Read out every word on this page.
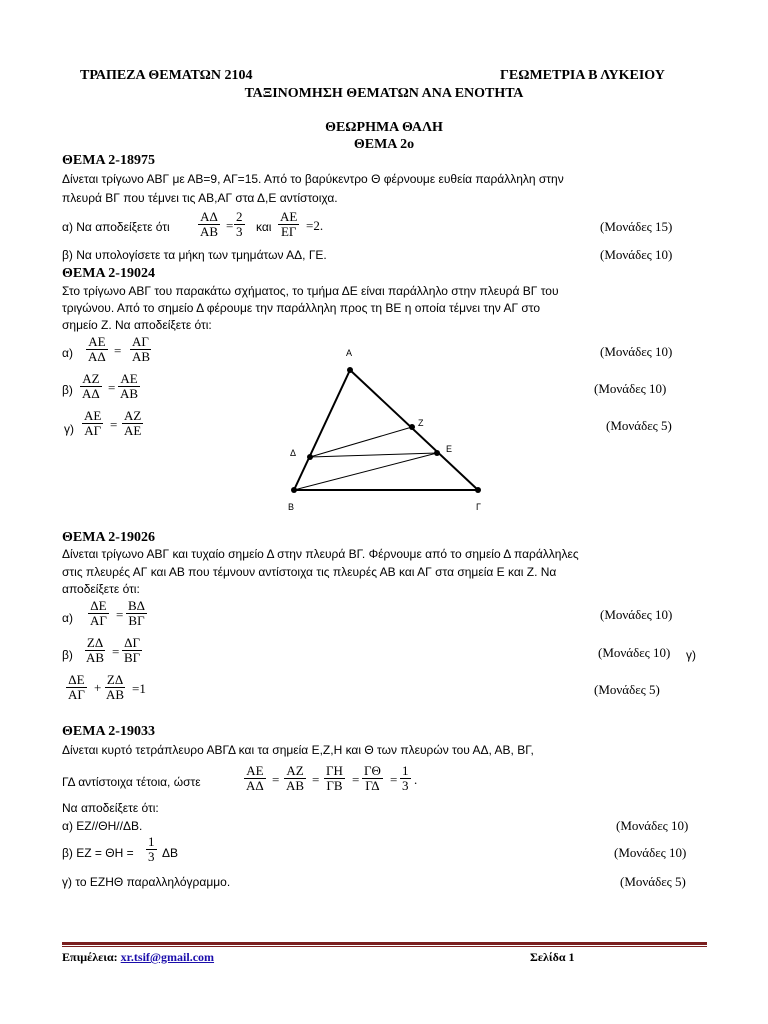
ΤΡΑΠΕΖΑ ΘΕΜΑΤΩΝ 2104	ΓΕΩΜΕΤΡΙΑ Β ΛΥΚΕΙΟΥ
ΤΑΞΙΝΟΜΗΣΗ ΘΕΜΑΤΩΝ ΑΝΑ ΕΝΟΤΗΤΑ
ΘΕΩΡΗΜΑ ΘΑΛΗ
ΘΕΜΑ 2ο
ΘΕΜΑ 2-18975
Δίνεται τρίγωνο ΑΒΓ με ΑΒ=9, ΑΓ=15. Από το βαρύκεντρο Θ φέρνουμε ευθεία παράλληλη στην
πλευρά ΒΓ που τέμνει τις ΑΒ,ΑΓ στα Δ,Ε αντίστοιχα.
α) Να αποδείξετε ότι $\frac{A\Delta}{AB} = \frac{2}{3}$ και $\frac{AE}{E\Gamma} =2$.	(Μονάδες 15)
β) Να υπολογίσετε τα μήκη των τμημάτων ΑΔ, ΓΕ.	(Μονάδες 10)
ΘΕΜΑ 2-19024
Στο τρίγωνο ΑΒΓ του παρακάτω σχήματος, το τμήμα ΔΕ είναι παράλληλο στην πλευρά ΒΓ του
τριγώνου. Από το σημείο Δ φέρουμε την παράλληλη προς τη ΒΕ η οποία τέμνει την ΑΓ στο
σημείο Ζ. Να αποδείξετε ότι:
$\alpha) \frac{AE}{A\Delta} = \frac{A\Gamma}{AB}$	(Μονάδες 10)
$\beta) \frac{AZ}{A\Delta} = \frac{AE}{AB}$	(Μονάδες 10)
$\gamma) \frac{AE}{A\Gamma} = \frac{AZ}{AE}$	(Μονάδες 5)
Α
Β	Γ
Δ	Ε
Ζ
ΘΕΜΑ 2-19026
Δίνεται τρίγωνο ΑΒΓ και τυχαίο σημείο Δ στην πλευρά ΒΓ. Φέρνουμε από το σημείο Δ παράλληλες
στις πλευρές ΑΓ και ΑΒ που τέμνουν αντίστοιχα τις πλευρές ΑΒ και ΑΓ στα σημεία Ε και Ζ. Να
αποδείξετε ότι:
$\alpha) \frac{\Delta E}{A\Gamma} = \frac{B\Delta}{B\Gamma}$	(Μονάδες 10)
$\beta) \frac{Z\Delta}{AB} = \frac{\Delta\Gamma}{B\Gamma}$	(Μονάδες 10) γ)
$\frac{\Delta E}{A\Gamma} + \frac{Z\Delta}{AB} =1$	(Μονάδες 5)
ΘΕΜΑ 2-19033
Δίνεται κυρτό τετράπλευρο ΑΒΓΔ και τα σημεία Ε,Ζ,Η και Θ των πλευρών του ΑΔ, ΑΒ, ΒΓ,
ΓΔ αντίστοιχα τέτοια, ώστε	$\frac{AE}{A\Delta} = \frac{AZ}{AB} = \frac{\Gamma H}{\Gamma B} = \frac{\Gamma\Theta}{\Gamma\Delta} = \frac{1}{3}$ .
Να αποδείξετε ότι:
α) ΕΖ//ΘΗ//ΔΒ.	(Μονάδες 10)
β) $EZ = \Theta H = \frac{1}{3}$ ΔΒ	(Μονάδες 10)
γ) το ΕΖΗΘ παραλληλόγραμμο.	(Μονάδες 5)
Επιμέλεια: xr.tsif@gmail.com	Σελίδα 1
